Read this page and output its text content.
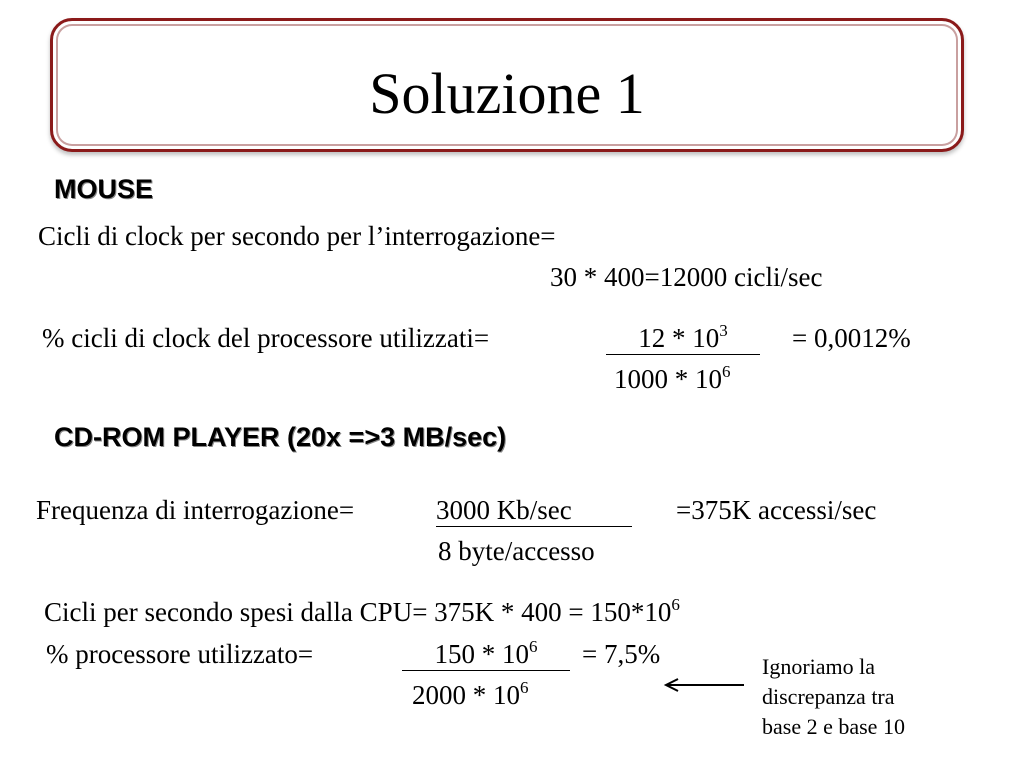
Soluzione 1
MOUSE
Cicli di clock per secondo per l’interrogazione=
30 * 400=12000 cicli/sec
% cicli di clock del processore utilizzati=	$12 * 10^3$
$1000 * 10^6$
= 0,0012%
CD-ROM PLAYER (20x =>3 MB/sec)
Frequenza di interrogazione=	3000 Kb/sec
8 byte/accesso
=375K accessi/sec
Cicli per secondo spesi dalla $CPU= 375K * 400 = 150*10^6$
% processore utilizzato=	$150 * 10^6$
$2000 * 10^6$
= 7,5%	Ignoriamo la
discrepanza tra
base 2 e base 10
